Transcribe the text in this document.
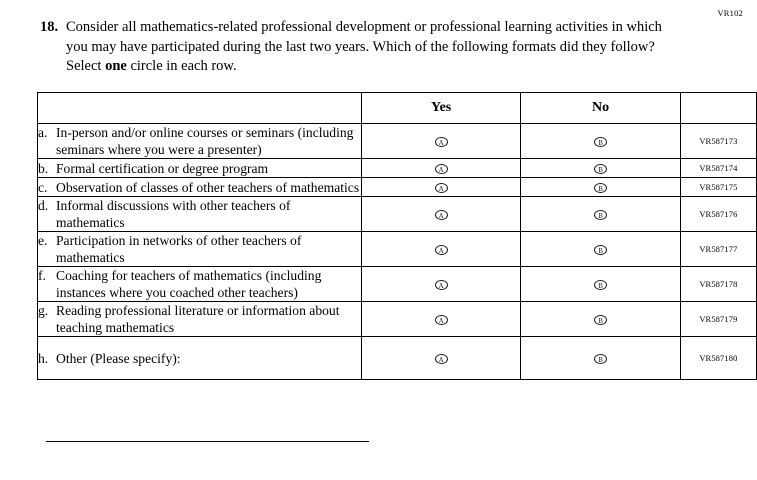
VR102
18. Consider all mathematics-related professional development or professional learning activities in which you may have participated during the last two years. Which of the following formats did they follow? Select one circle in each row.
	Yes	No	

a. In-person and/or online courses or seminars (including seminars where you were a presenter)	A	B	VR587173

b. Formal certification or degree program	A	B	VR587174

c. Observation of classes of other teachers of mathematics	A	B	VR587175

d. Informal discussions with other teachers of mathematics	A	B	VR587176

e. Participation in networks of other teachers of mathematics	A	B	VR587177

f. Coaching for teachers of mathematics (including instances where you coached other teachers)	A	B	VR587178

g. Reading professional literature or information about teaching mathematics	A	B	VR587179

h. Other (Please specify):	A	B	VR587180
